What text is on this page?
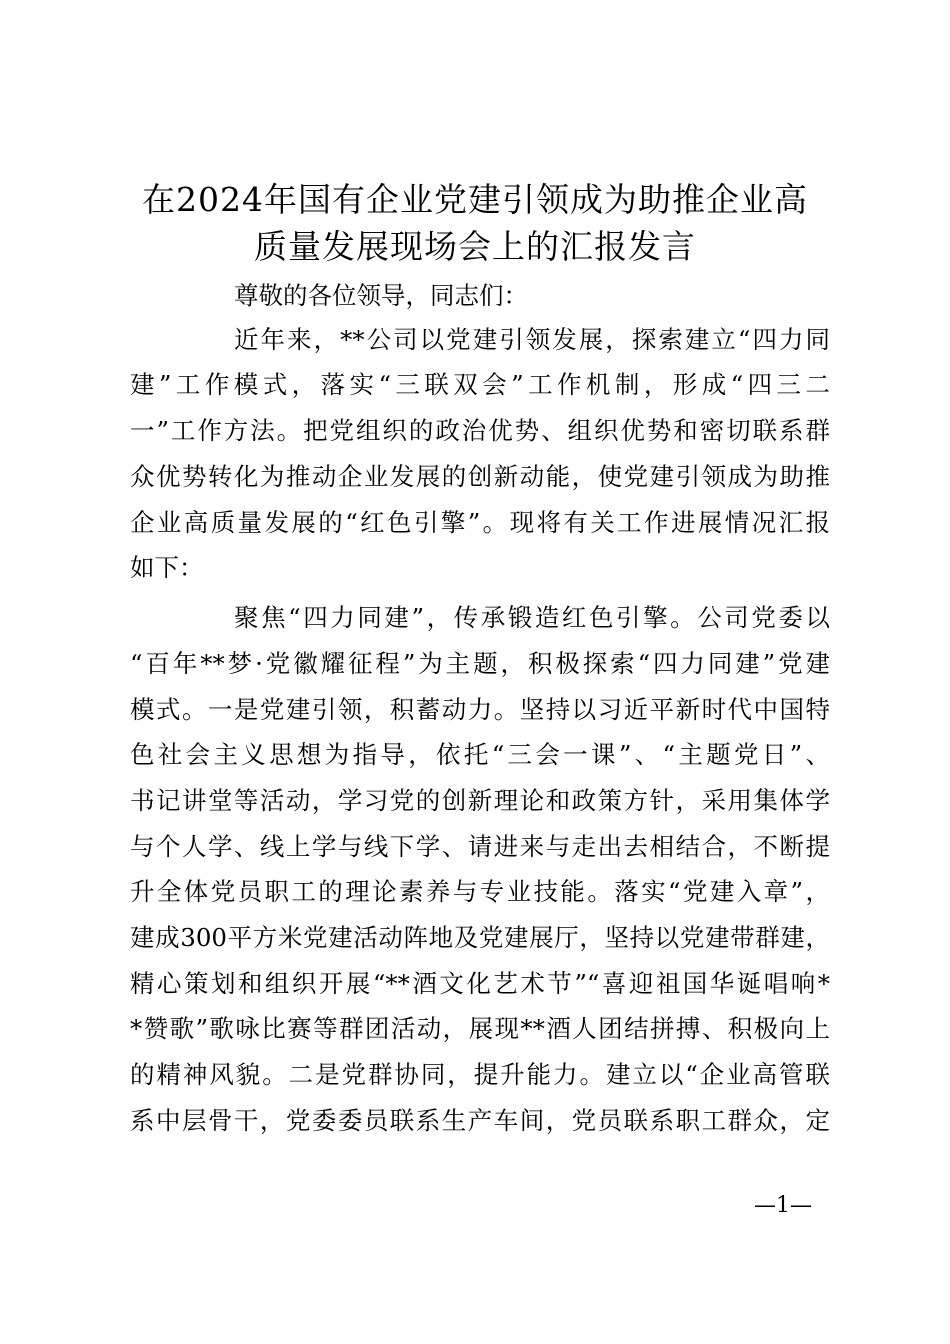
在2024年国有企业党建引领成为助推企业高
质量发展现场会上的汇报发言
尊敬的各位领导，同志们：
近年来，**公司以党建引领发展，探索建立“四力同
建”工作模式，落实“三联双会”工作机制，形成“四三二
一”工作方法。把党组织的政治优势、组织优势和密切联系群
众优势转化为推动企业发展的创新动能，使党建引领成为助推
企业高质量发展的“红色引擎”。现将有关工作进展情况汇报
如下：
聚焦“四力同建”，传承锻造红色引擎。公司党委以
“百年**梦·党徽耀征程”为主题，积极探索“四力同建”党建
模式。一是党建引领，积蓄动力。坚持以习近平新时代中国特
色社会主义思想为指导，依托“三会一课”、“主题党日”、
书记讲堂等活动，学习党的创新理论和政策方针，采用集体学
与个人学、线上学与线下学、请进来与走出去相结合，不断提
升全体党员职工的理论素养与专业技能。落实“党建入章”，
建成300平方米党建活动阵地及党建展厅，坚持以党建带群建，
精心策划和组织开展“**酒文化艺术节”“喜迎祖国华诞唱响*
*赞歌”歌咏比赛等群团活动，展现**酒人团结拼搏、积极向上
的精神风貌。二是党群协同，提升能力。建立以“企业高管联
系中层骨干，党委委员联系生产车间，党员联系职工群众，定
—1—
